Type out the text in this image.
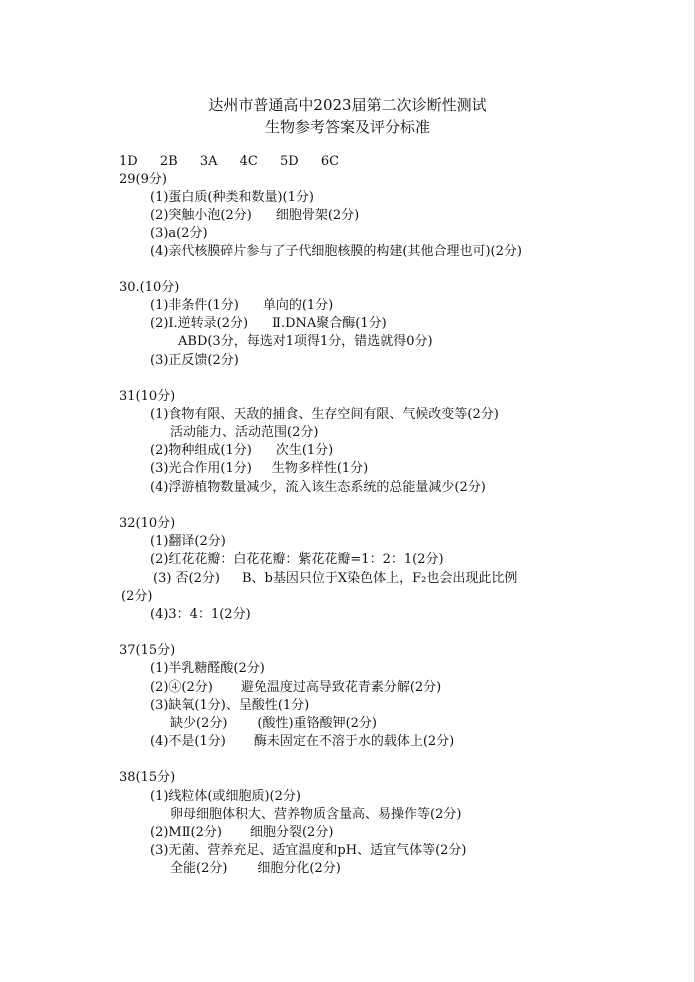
达州市普通高中2023届第二次诊断性测试
生物参考答案及评分标准
1D 2B 3A 4C 5D 6C
29(9分)
(1)蛋白质(种类和数量)(1分)
(2)突触小泡(2分) 细胞骨架(2分)
(3)a(2分)
(4)亲代核膜碎片参与了子代细胞核膜的构建(其他合理也可)(2分)
30.(10分)
(1)非条件(1分) 单向的(1分)
(2)Ⅰ.逆转录(2分) Ⅱ.DNA聚合酶(1分)
ABD(3分，每选对1项得1分，错选就得0分)
(3)正反馈(2分)
31(10分)
(1)食物有限、天敌的捕食、生存空间有限、气候改变等(2分)
活动能力、活动范围(2分)
(2)物种组成(1分) 次生(1分)
(3)光合作用(1分) 生物多样性(1分)
(4)浮游植物数量减少，流入该生态系统的总能量减少(2分)
32(10分)
(1)翻译(2分)
(2)红花花瓣：白花花瓣：紫花花瓣=1：2：1(2分)
(3) 否(2分) B、b基因只位于X染色体上，F₂也会出现此比例
(2分)
(4)3：4：1(2分)
37(15分)
(1)半乳糖醛酸(2分)
(2)④(2分) 避免温度过高导致花青素分解(2分)
(3)缺氧(1分)、呈酸性(1分)
缺少(2分) (酸性)重铬酸钾(2分)
(4)不是(1分) 酶未固定在不溶于水的载体上(2分)
38(15分)
(1)线粒体(或细胞质)(2分)
卵母细胞体积大、营养物质含量高、易操作等(2分)
(2)MⅡ(2分) 细胞分裂(2分)
(3)无菌、营养充足、适宜温度和pH、适宜气体等(2分)
全能(2分) 细胞分化(2分)
